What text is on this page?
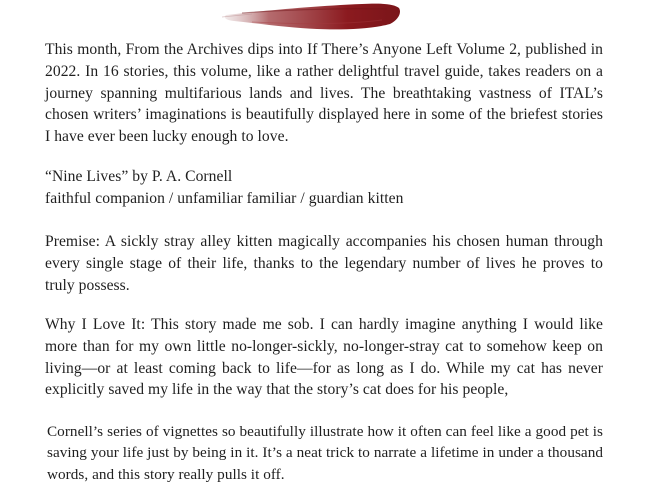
This month, From the Archives dips into If There’s Anyone Left Volume 2, published in 2022. In 16 stories, this volume, like a rather delightful travel guide, takes readers on a journey spanning multifarious lands and lives. The breathtaking vastness of ITAL’s chosen writers’ imaginations is beautifully displayed here in some of the briefest stories I have ever been lucky enough to love.

“Nine Lives” by P. A. Cornell
faithful companion / unfamiliar familiar / guardian kitten

Premise: A sickly stray alley kitten magically accompanies his chosen human through every single stage of their life, thanks to the legendary number of lives he proves to truly possess.

Why I Love It: This story made me sob. I can hardly imagine anything I would like more than for my own little no-longer-sickly, no-longer-stray cat to somehow keep on living—or at least coming back to life—for as long as I do. While my cat has never explicitly saved my life in the way that the story’s cat does for his people,

Cornell’s series of vignettes so beautifully illustrate how it often can feel like a good pet is saving your life just by being in it. It’s a neat trick to narrate a lifetime in under a thousand words, and this story really pulls it off.
